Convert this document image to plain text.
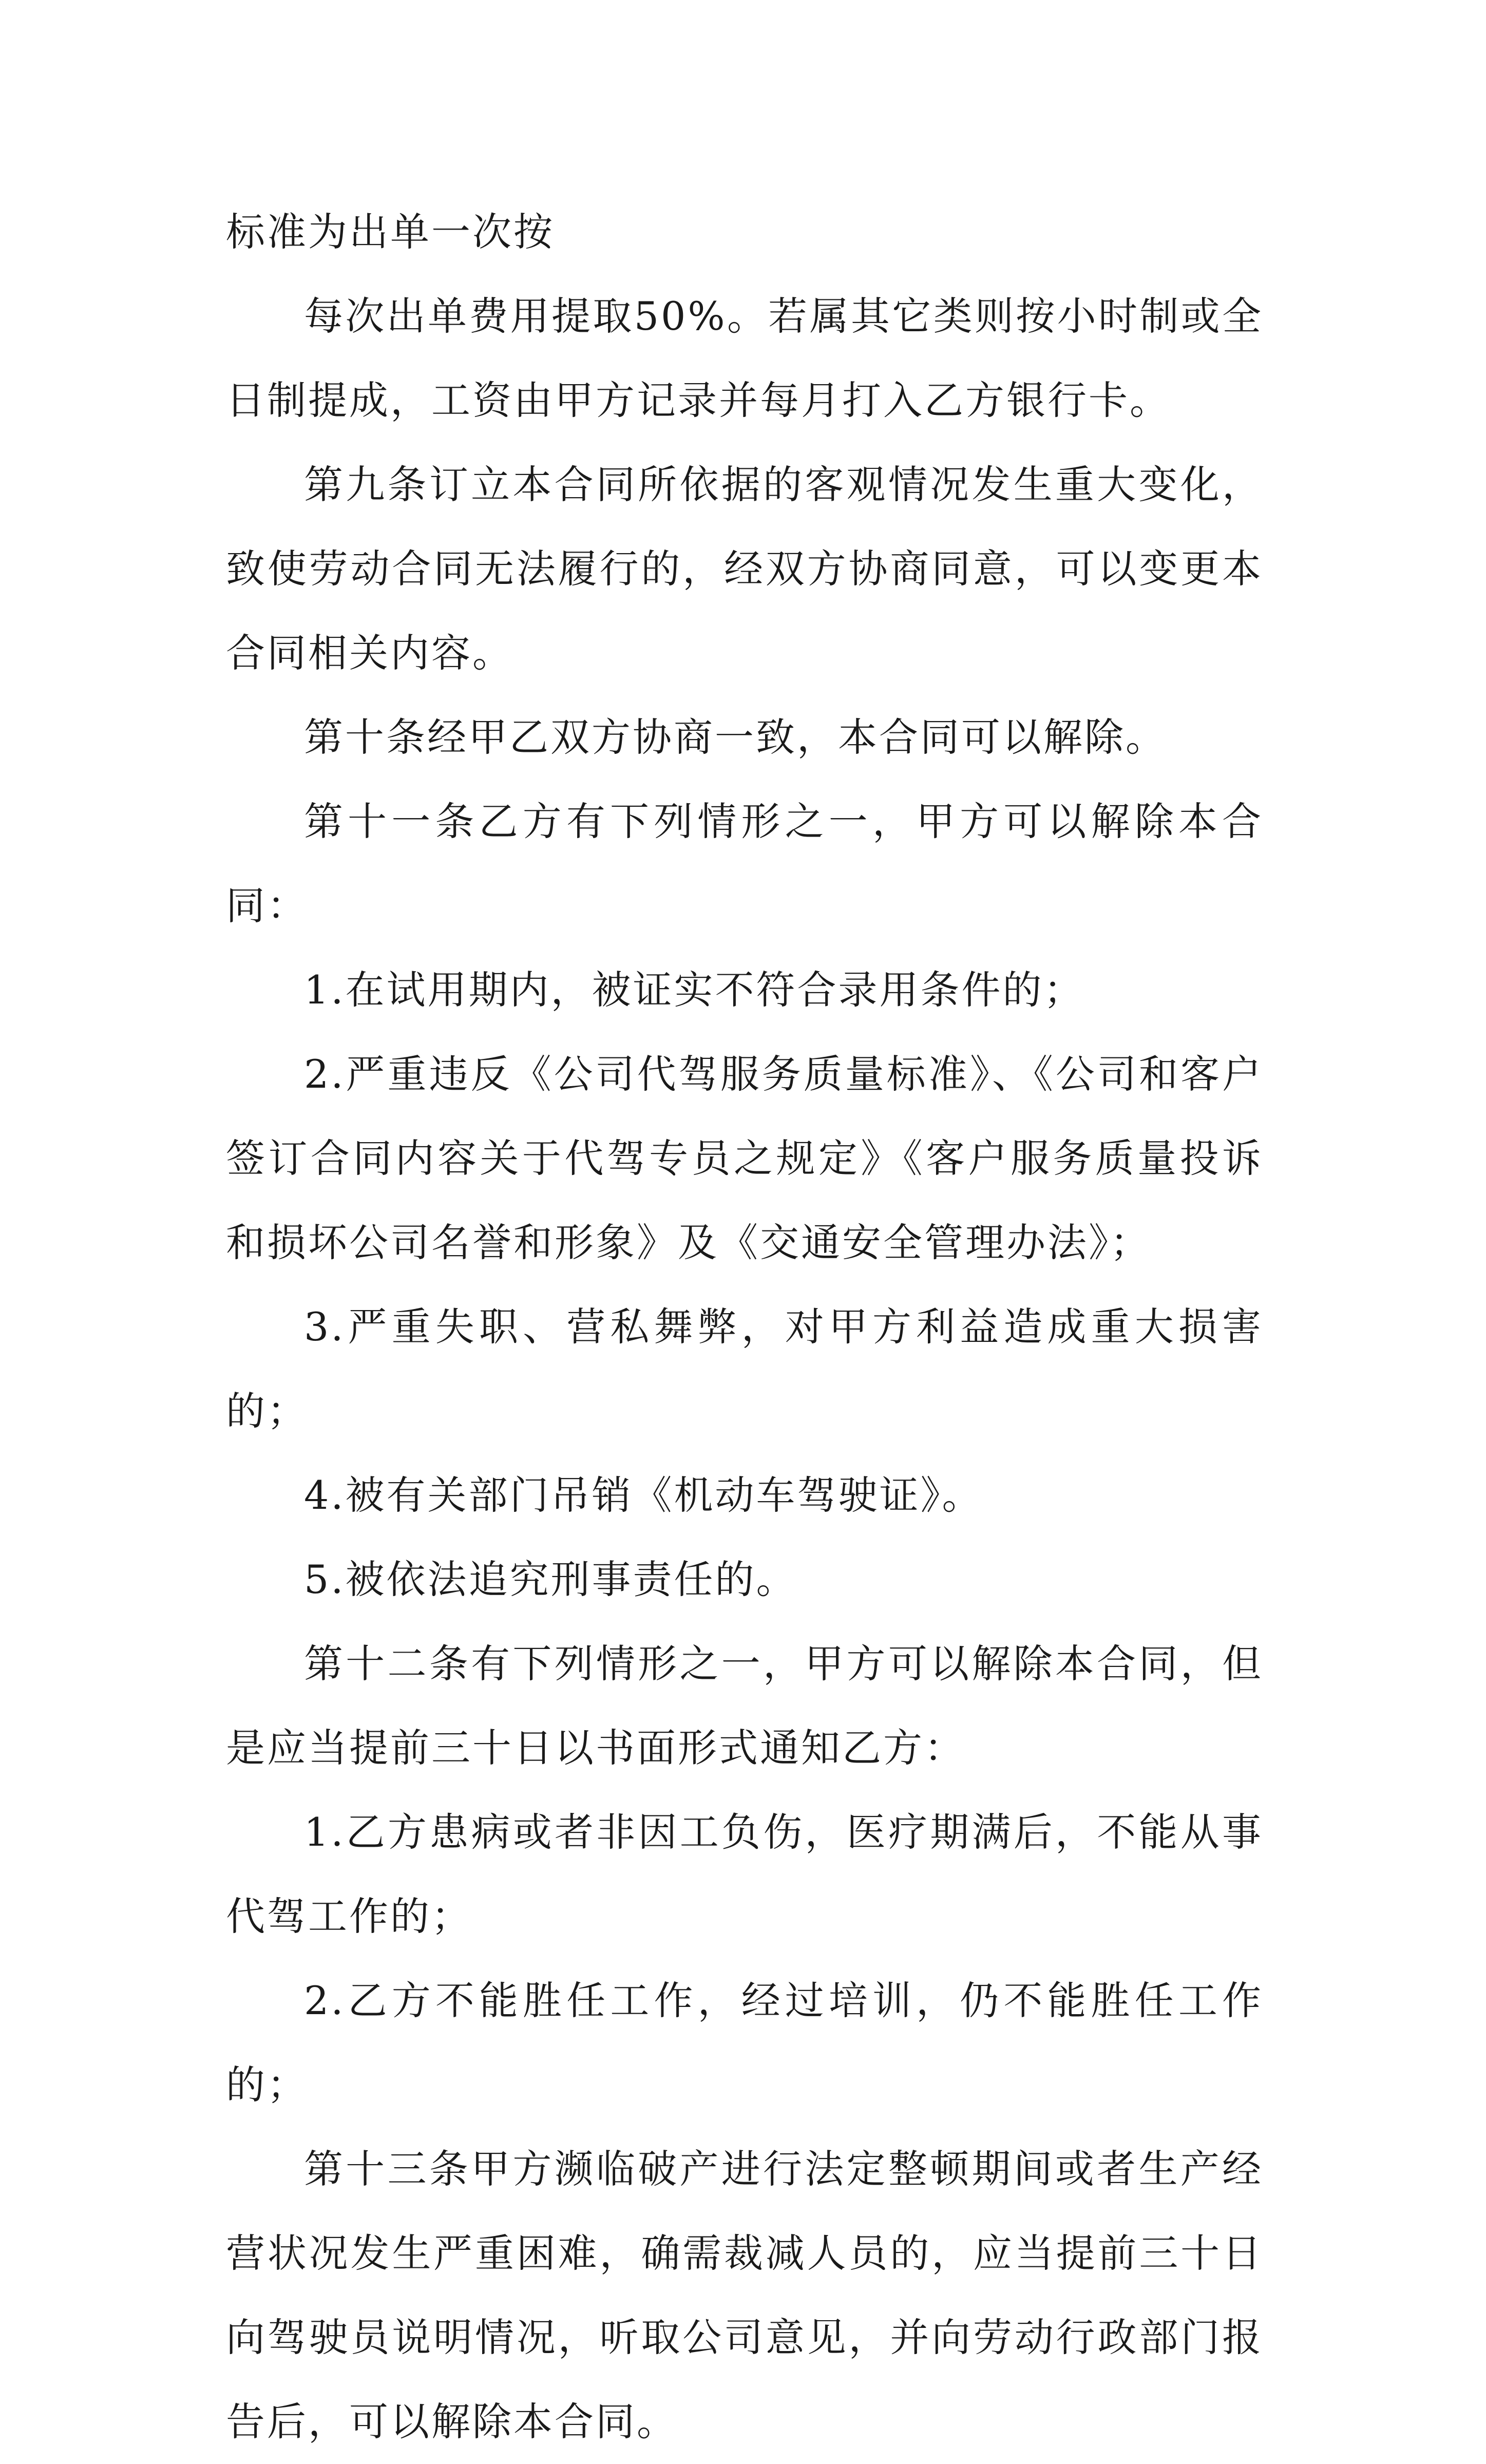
标准为出单一次按

每次出单费用提取50%。若属其它类则按小时制或全日制提成，工资由甲方记录并每月打入乙方银行卡。

第九条订立本合同所依据的客观情况发生重大变化，致使劳动合同无法履行的，经双方协商同意，可以变更本合同相关内容。

第十条经甲乙双方协商一致，本合同可以解除。

第十一条乙方有下列情形之一，甲方可以解除本合同：

1.在试用期内，被证实不符合录用条件的；

2.严重违反《公司代驾服务质量标准》、《公司和客户签订合同内容关于代驾专员之规定》《客户服务质量投诉和损坏公司名誉和形象》及《交通安全管理办法》；

3.严重失职、营私舞弊，对甲方利益造成重大损害的；

4.被有关部门吊销《机动车驾驶证》。

5.被依法追究刑事责任的。

第十二条有下列情形之一，甲方可以解除本合同，但是应当提前三十日以书面形式通知乙方：

1.乙方患病或者非因工负伤，医疗期满后，不能从事代驾工作的；

2.乙方不能胜任工作，经过培训，仍不能胜任工作的；

第十三条甲方濒临破产进行法定整顿期间或者生产经营状况发生严重困难，确需裁减人员的，应当提前三十日向驾驶员说明情况，听取公司意见，并向劳动行政部门报告后，可以解除本合同。
